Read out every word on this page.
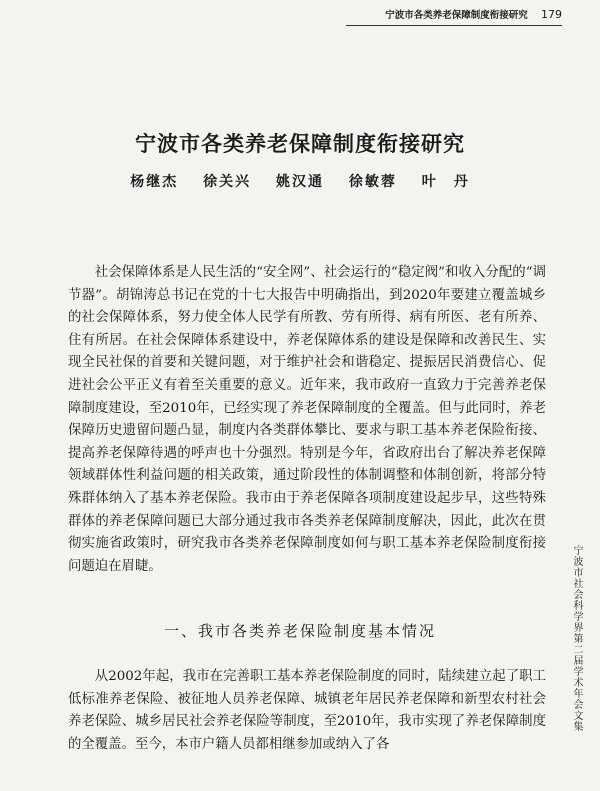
宁波市各类养老保障制度衔接研究 179
宁波市各类养老保障制度衔接研究
杨继杰 徐关兴 姚汉通 徐敏蓉 叶　丹

社会保障体系是人民生活的“安全网”、社会运行的“稳定阀”和收入分配的“调节器”。胡锦涛总书记在党的十七大报告中明确指出，到2020年要建立覆盖城乡的社会保障体系，努力使全体人民学有所教、劳有所得、病有所医、老有所养、住有所居。在社会保障体系建设中，养老保障体系的建设是保障和改善民生、实现全民社保的首要和关键问题，对于维护社会和谐稳定、提振居民消费信心、促进社会公平正义有着至关重要的意义。近年来，我市政府一直致力于完善养老保障制度建设，至2010年，已经实现了养老保障制度的全覆盖。但与此同时，养老保障历史遗留问题凸显，制度内各类群体攀比、要求与职工基本养老保险衔接、提高养老保障待遇的呼声也十分强烈。特别是今年，省政府出台了解决养老保障领域群体性利益问题的相关政策，通过阶段性的体制调整和体制创新，将部分特殊群体纳入了基本养老保险。我市由于养老保障各项制度建设起步早，这些特殊群体的养老保障问题已大部分通过我市各类养老保障制度解决，因此，此次在贯彻实施省政策时，研究我市各类养老保障制度如何与职工基本养老保险制度衔接问题迫在眉睫。

一、我市各类养老保险制度基本情况

从2002年起，我市在完善职工基本养老保险制度的同时，陆续建立起了职工低标准养老保险、被征地人员养老保障、城镇老年居民养老保障和新型农村社会养老保险、城乡居民社会养老保险等制度，至2010年，我市实现了养老保障制度的全覆盖。至今，本市户籍人员都相继参加或纳入了各

宁波市社会科学界第二届学术年会文集
